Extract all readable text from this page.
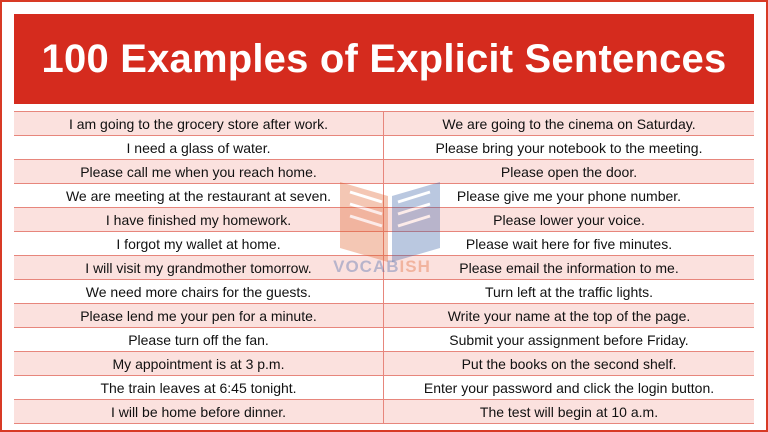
100 Examples of Explicit Sentences
I am going to the grocery store after work.	We are going to the cinema on Saturday.
I need a glass of water.	Please bring your notebook to the meeting.
Please call me when you reach home.	Please open the door.
We are meeting at the restaurant at seven.	Please give me your phone number.
I have finished my homework.	Please lower your voice.
I forgot my wallet at home.	Please wait here for five minutes.
I will visit my grandmother tomorrow.	Please email the information to me.
We need more chairs for the guests.	Turn left at the traffic lights.
Please lend me your pen for a minute.	Write your name at the top of the page.
Please turn off the fan.	Submit your assignment before Friday.
My appointment is at 3 p.m.	Put the books on the second shelf.
The train leaves at 6:45 tonight.	Enter your password and click the login button.
I will be home before dinner.	The test will begin at 10 a.m.
VOCABISH
